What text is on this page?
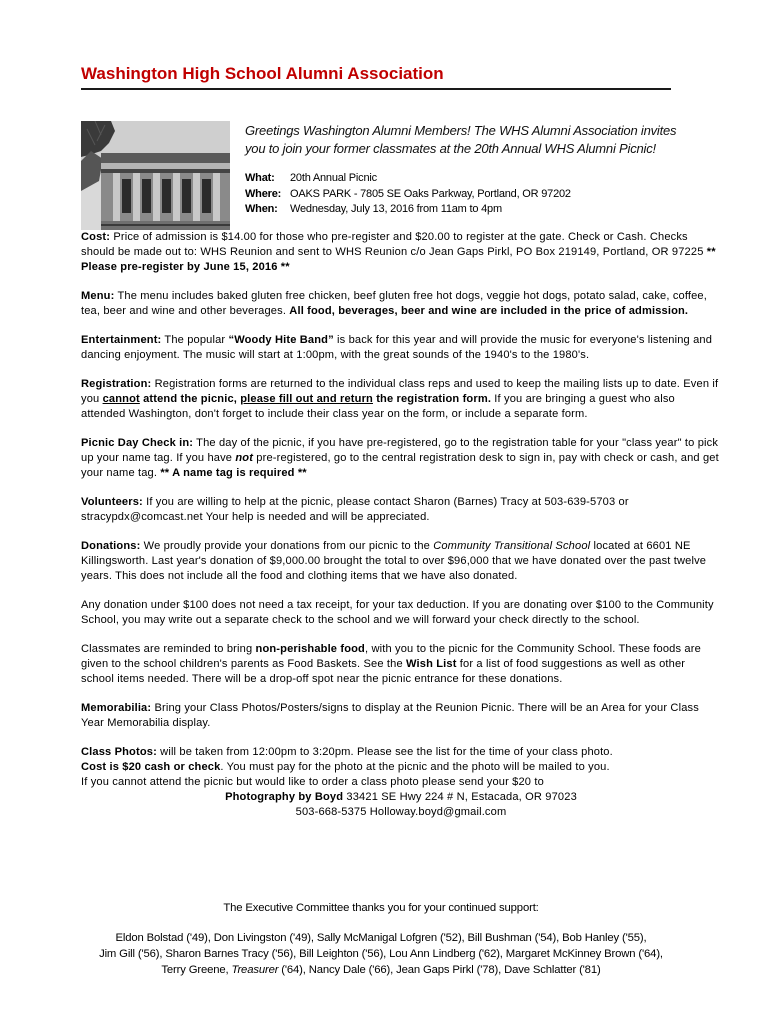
Washington High School Alumni Association
Greetings Washington Alumni Members! The WHS Alumni Association invites you to join your former classmates at the 20th Annual WHS Alumni Picnic!
What:	20th Annual Picnic
Where: OAKS PARK - 7805 SE Oaks Parkway, Portland, OR 97202
When:	Wednesday, July 13, 2016 from 11am to 4pm

Cost: Price of admission is $14.00 for those who pre-register and $20.00 to register at the gate. Check or Cash. Checks should be made out to: WHS Reunion and sent to WHS Reunion c/o Jean Gaps Pirkl, PO Box 219149, Portland, OR 97225 ** Please pre-register by June 15, 2016 **

Menu: The menu includes baked gluten free chicken, beef gluten free hot dogs, veggie hot dogs, potato salad, cake, coffee, tea, beer and wine and other beverages. All food, beverages, beer and wine are included in the price of admission.

Entertainment: The popular “Woody Hite Band” is back for this year and will provide the music for everyone's listening and dancing enjoyment. The music will start at 1:00pm, with the great sounds of the 1940's to the 1980's.

Registration: Registration forms are returned to the individual class reps and used to keep the mailing lists up to date. Even if you cannot attend the picnic, please fill out and return the registration form. If you are bringing a guest who also attended Washington, don't forget to include their class year on the form, or include a separate form.

Picnic Day Check in: The day of the picnic, if you have pre-registered, go to the registration table for your "class year" to pick up your name tag. If you have not pre-registered, go to the central registration desk to sign in, pay with check or cash, and get your name tag. ** A name tag is required **

Volunteers: If you are willing to help at the picnic, please contact Sharon (Barnes) Tracy at 503-639-5703 or stracypdx@comcast.net Your help is needed and will be appreciated.

Donations: We proudly provide your donations from our picnic to the Community Transitional School located at 6601 NE Killingsworth. Last year's donation of $9,000.00 brought the total to over $96,000 that we have donated over the past twelve years. This does not include all the food and clothing items that we have also donated.

Any donation under $100 does not need a tax receipt, for your tax deduction. If you are donating over $100 to the Community School, you may write out a separate check to the school and we will forward your check directly to the school.

Classmates are reminded to bring non-perishable food, with you to the picnic for the Community School. These foods are given to the school children's parents as Food Baskets. See the Wish List for a list of food suggestions as well as other school items needed. There will be a drop-off spot near the picnic entrance for these donations.

Memorabilia: Bring your Class Photos/Posters/signs to display at the Reunion Picnic. There will be an Area for your Class Year Memorabilia display.

Class Photos: will be taken from 12:00pm to 3:20pm. Please see the list for the time of your class photo.

Cost is $20 cash or check. You must pay for the photo at the picnic and the photo will be mailed to you.

If you cannot attend the picnic but would like to order a class photo please send your $20 to

Photography by Boyd 33421 SE Hwy 224 # N, Estacada, OR 97023

503-668-5375 Holloway.boyd@gmail.com

The Executive Committee thanks you for your continued support:
Eldon Bolstad ('49), Don Livingston ('49), Sally McManigal Lofgren ('52), Bill Bushman ('54), Bob Hanley ('55),
Jim Gill ('56), Sharon Barnes Tracy ('56), Bill Leighton ('56), Lou Ann Lindberg ('62), Margaret McKinney Brown ('64),
Terry Greene, Treasurer ('64), Nancy Dale ('66), Jean Gaps Pirkl ('78), Dave Schlatter ('81)
